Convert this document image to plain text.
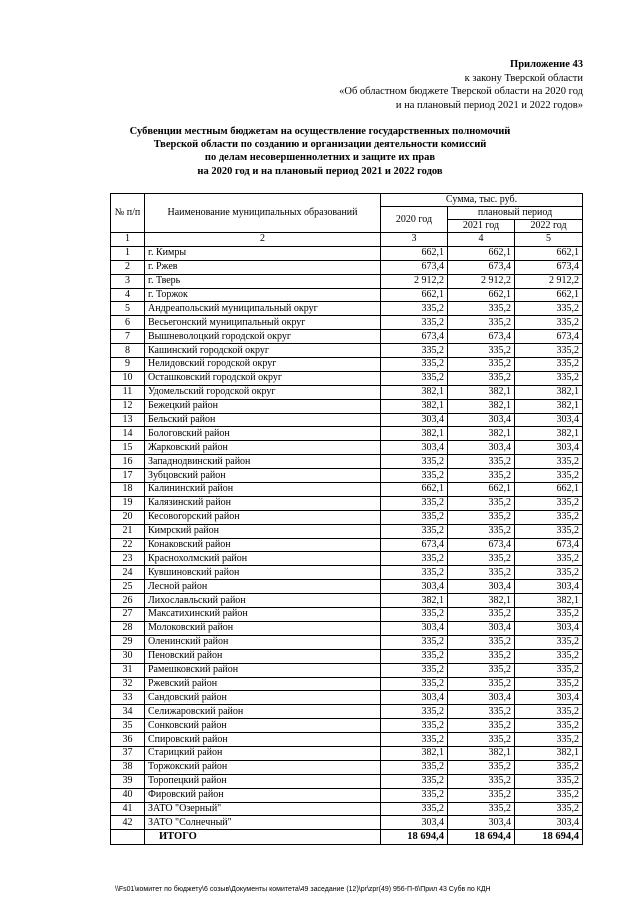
Приложение 43
к закону Тверской области
«Об областном бюджете Тверской области на 2020 год
и на плановый период 2021 и 2022 годов»
Субвенции местным бюджетам на осуществление государственных полномочий
Тверской области по созданию и организации деятельности комиссий
по делам несовершеннолетних и защите их прав
на 2020 год и на плановый период 2021 и 2022 годов
№ п/п	Наименование муниципальных образований	Сумма, тыс. руб.		
		2020 год	плановый период	
			2021 год	2022 год
1	2	3	4	5
1	г. Кимры	662,1	662,1	662,1
2	г. Ржев	673,4	673,4	673,4
3	г. Тверь	2 912,2	2 912,2	2 912,2
4	г. Торжок	662,1	662,1	662,1
5	Андреапольский муниципальный округ	335,2	335,2	335,2
6	Весьегонский муниципальный округ	335,2	335,2	335,2
7	Вышневолоцкий городской округ	673,4	673,4	673,4
8	Кашинский городской округ	335,2	335,2	335,2
9	Нелидовский городской округ	335,2	335,2	335,2
10	Осташковский городской округ	335,2	335,2	335,2
11	Удомельский городской округ	382,1	382,1	382,1
12	Бежецкий район	382,1	382,1	382,1
13	Бельский район	303,4	303,4	303,4
14	Бологовский район	382,1	382,1	382,1
15	Жарковский район	303,4	303,4	303,4
16	Западнодвинский район	335,2	335,2	335,2
17	Зубцовский район	335,2	335,2	335,2
18	Калининский район	662,1	662,1	662,1
19	Калязинский район	335,2	335,2	335,2
20	Кесовогорский район	335,2	335,2	335,2
21	Кимрский район	335,2	335,2	335,2
22	Конаковский район	673,4	673,4	673,4
23	Краснохолмский район	335,2	335,2	335,2
24	Кувшиновский район	335,2	335,2	335,2
25	Лесной район	303,4	303,4	303,4
26	Лихославльский район	382,1	382,1	382,1
27	Максатихинский район	335,2	335,2	335,2
28	Молоковский район	303,4	303,4	303,4
29	Оленинский район	335,2	335,2	335,2
30	Пеновский район	335,2	335,2	335,2
31	Рамешковский район	335,2	335,2	335,2
32	Ржевский район	335,2	335,2	335,2
33	Сандовский район	303,4	303,4	303,4
34	Селижаровский район	335,2	335,2	335,2
35	Сонковский район	335,2	335,2	335,2
36	Спировский район	335,2	335,2	335,2
37	Старицкий район	382,1	382,1	382,1
38	Торжокский район	335,2	335,2	335,2
39	Торопецкий район	335,2	335,2	335,2
40	Фировский район	335,2	335,2	335,2
41	ЗАТО "Озерный"	335,2	335,2	335,2
42	ЗАТО "Солнечный"	303,4	303,4	303,4
	ИТОГО	18 694,4	18 694,4	18 694,4
\\Fs01\комитет по бюджету\6 созыв\Документы комитета\49 заседание (12)\pr\zpr(49) 956-П-6\Прил 43 Субв по КДН
